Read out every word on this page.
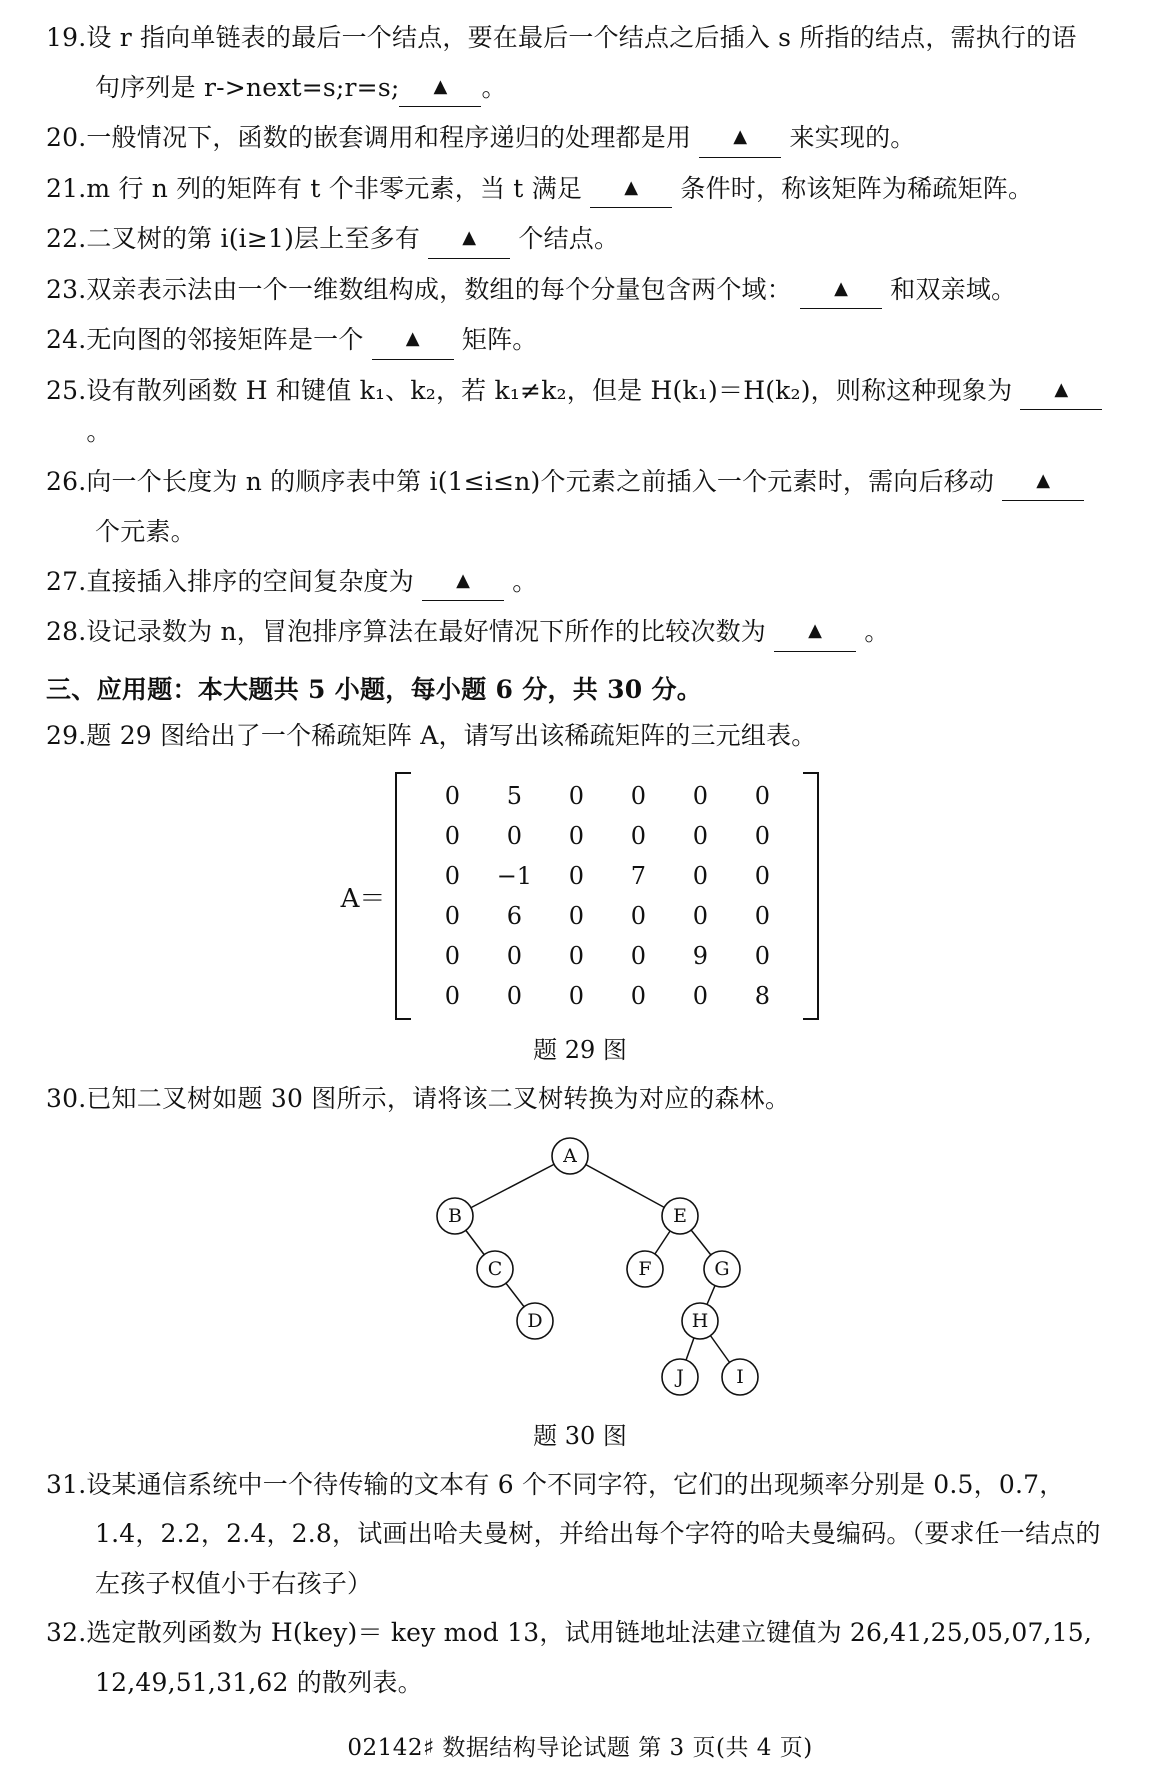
19. 设 r 指向单链表的最后一个结点，要在最后一个结点之后插入 s 所指的结点，需执行的语
句序列是 r->next=s;r=s;	▲	。
20. 一般情况下，函数的嵌套调用和程序递归的处理都是用 ▲ 来实现的。
21. m 行 n 列的矩阵有 t 个非零元素，当 t 满足 ▲ 条件时，称该矩阵为稀疏矩阵。
22. 二叉树的第 i(i≥1)层上至多有 ▲ 个结点。
23. 双亲表示法由一个一维数组构成，数组的每个分量包含两个域： ▲ 和双亲域。
24. 无向图的邻接矩阵是一个 ▲ 矩阵。
25. 设有散列函数 H 和键值 k₁、k₂，若 k₁≠k₂，但是 H(k₁)＝H(k₂)，则称这种现象为 ▲ 。
26. 向一个长度为 n 的顺序表中第 i(1≤i≤n)个元素之前插入一个元素时，需向后移动 ▲
个元素。
27. 直接插入排序的空间复杂度为 ▲ 。
28. 设记录数为 n，冒泡排序算法在最好情况下所作的比较次数为 ▲ 。
三、应用题：本大题共 5 小题，每小题 6 分，共 30 分。
29. 题 29 图给出了一个稀疏矩阵 A，请写出该稀疏矩阵的三元组表。
A＝
0	5	0	0	0	0
0	0	0	0	0	0
0	−1	0	7	0	0
0	6	0	0	0	0
0	0	0	0	9	0
0	0	0	0	0	8
题 29 图
30. 已知二叉树如题 30 图所示，请将该二叉树转换为对应的森林。
A
B	E
C	F	G
D	H
J	I
题 30 图
31. 设某通信系统中一个待传输的文本有 6 个不同字符，它们的出现频率分别是 0.5，0.7，
1.4，2.2，2.4，2.8，试画出哈夫曼树，并给出每个字符的哈夫曼编码。（要求任一结点的
左孩子权值小于右孩子）
32. 选定散列函数为 H(key)＝ key mod 13，试用链地址法建立键值为 26,41,25,05,07,15,
12,49,51,31,62 的散列表。
02142♯ 数据结构导论试题 第 3 页(共 4 页)
